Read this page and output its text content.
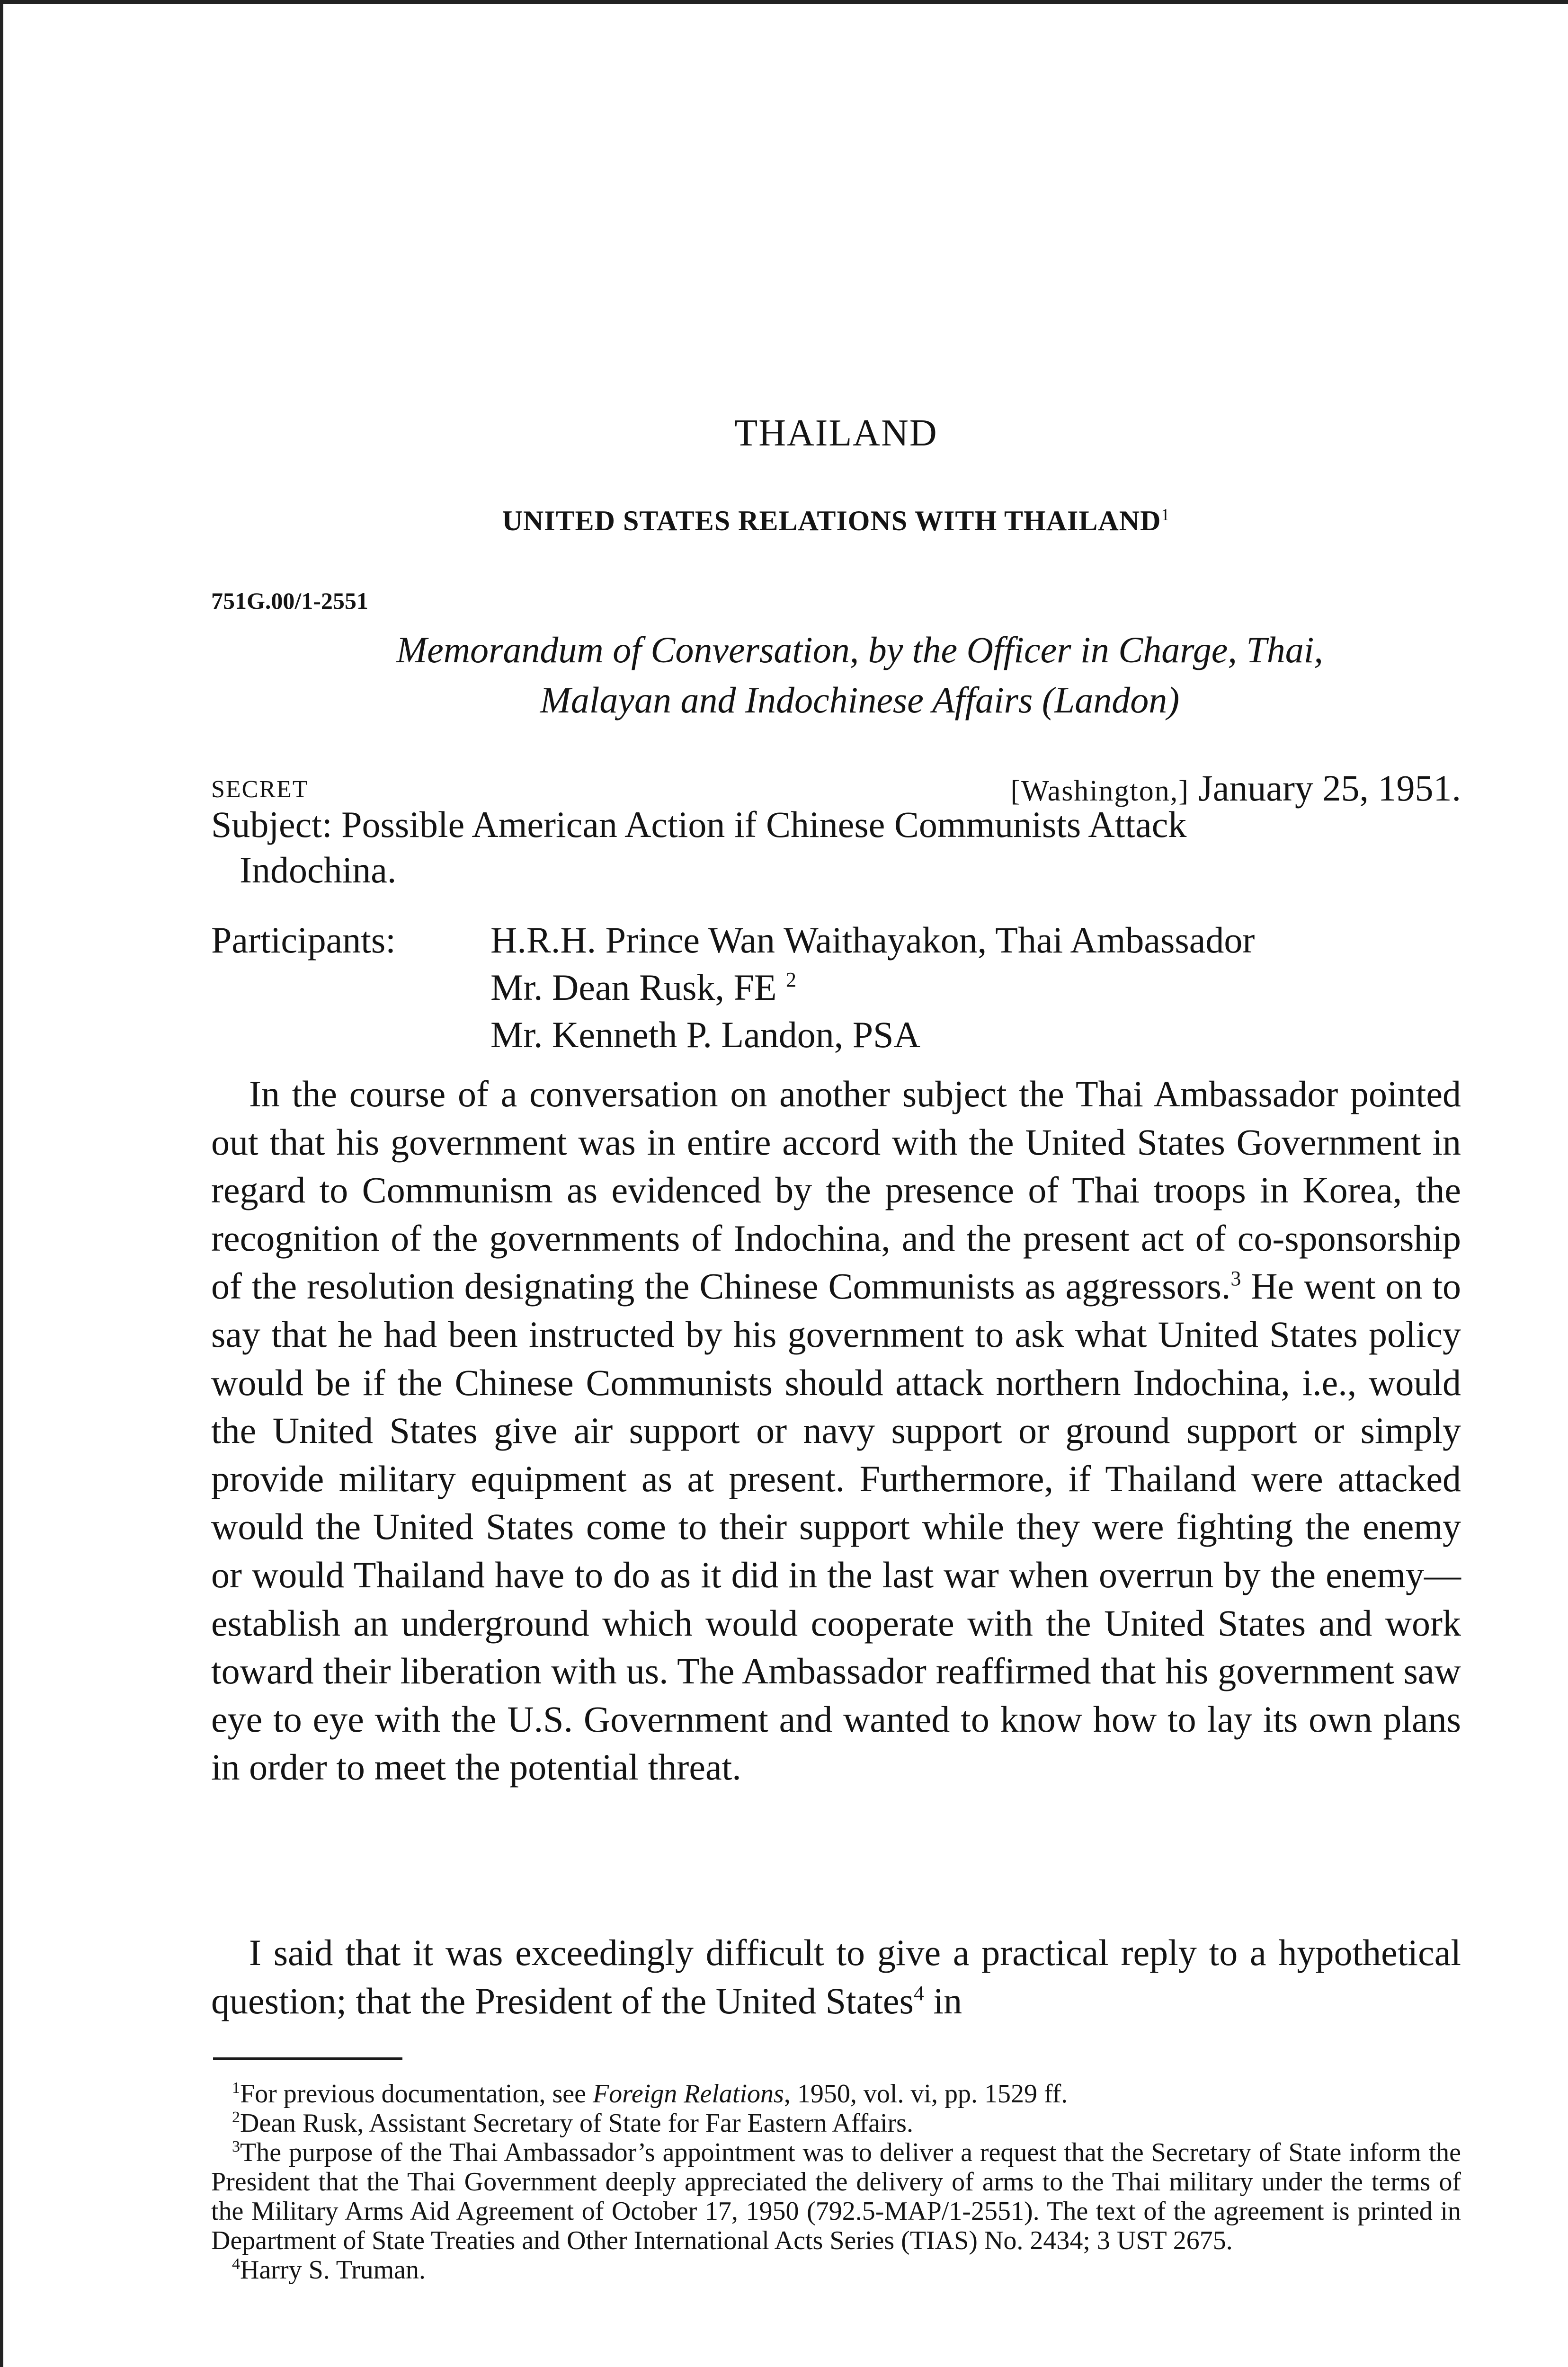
THAILAND
UNITED STATES RELATIONS WITH THAILAND$^1$
751G.00/1-2551
Memorandum of Conversation, by the Officer in Charge, Thai,
Malayan and Indochinese Affairs (Landon)
SECRET	[Washington,] January 25, 1951.
Subject: Possible American Action if Chinese Communists Attack
Indochina.
Participants:	H.R.H. Prince Wan Waithayakon, Thai Ambassador
Mr. Dean Rusk, FE $^2$
Mr. Kenneth P. Landon, PSA

In the course of a conversation on another subject the Thai Ambassador pointed out that his government was in entire accord with the United States Government in regard to Communism as evidenced by the presence of Thai troops in Korea, the recognition of the governments of Indochina, and the present act of co-sponsorship of the resolution designating the Chinese Communists as aggressors.$^3$ He went on to say that he had been instructed by his government to ask what United States policy would be if the Chinese Communists should attack northern Indochina, i.e., would the United States give air support or navy support or ground support or simply provide military equipment as at present. Furthermore, if Thailand were attacked would the United States come to their support while they were fighting the enemy or would Thailand have to do as it did in the last war when overrun by the enemy—establish an underground which would cooperate with the United States and work toward their liberation with us. The Ambassador reaffirmed that his government saw eye to eye with the U.S. Government and wanted to know how to lay its own plans in order to meet the potential threat.

I said that it was exceedingly difficult to give a practical reply to a hypothetical question; that the President of the United States$^4$ in

$^1$For previous documentation, see Foreign Relations, 1950, vol. vi, pp. 1529 ff.

$^2$Dean Rusk, Assistant Secretary of State for Far Eastern Affairs.

$^3$The purpose of the Thai Ambassador’s appointment was to deliver a request that the Secretary of State inform the President that the Thai Government deeply appreciated the delivery of arms to the Thai military under the terms of the Military Arms Aid Agreement of October 17, 1950 (792.5-MAP/1-2551). The text of the agreement is printed in Department of State Treaties and Other International Acts Series (TIAS) No. 2434; 3 UST 2675.

$^4$Harry S. Truman.
